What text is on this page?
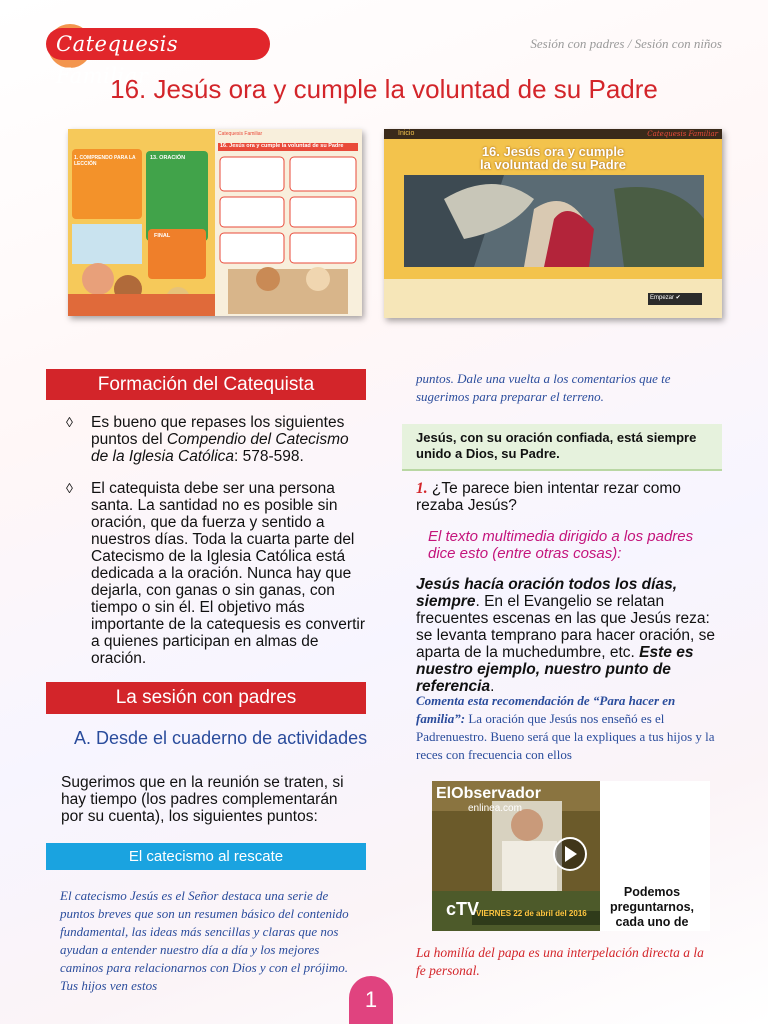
Catequesis Familiar
Sesión con padres / Sesión con niños
16. Jesús ora y cumple la voluntad de su Padre
Catequesis Familiar
16. Jesús ora y cumple la voluntad de su Padre
1. COMPRENDO PARA LA LECCIÓN
13. ORACIÓN
FINAL
Inicio	Catequesis Familiar
16. Jesús ora y cumple
la voluntad de su Padre
Empezar ✔
Formación del Catequista
◊ Es bueno que repases los siguientes puntos del Compendio del Catecismo de la Iglesia Católica: 578-598.
◊ El catequista debe ser una persona santa. La santidad no es posible sin oración, que da fuerza y sentido a nuestros días. Toda la cuarta parte del Catecismo de la Iglesia Católica está dedicada a la oración. Nunca hay que dejarla, con ganas o sin ganas, con tiempo o sin él. El objetivo más importante de la catequesis es convertir a quienes participan en almas de oración.
La sesión con padres
A. Desde el cuaderno de actividades
Sugerimos que en la reunión se traten, si hay tiempo (los padres complementarán por su cuenta), los siguientes puntos:
El catecismo al rescate
El catecismo Jesús es el Señor destaca una serie de puntos breves que son un resumen básico del contenido fundamental, las ideas más sencillas y claras que nos ayudan a entender nuestro día a día y los mejores caminos para relacionarnos con Dios y con el prójimo. Tus hijos ven estos
puntos. Dale una vuelta a los comentarios que te sugerimos para preparar el terreno.
Jesús, con su oración confiada, está siempre unido a Dios, su Padre.
1. ¿Te parece bien intentar rezar como rezaba Jesús?
El texto multimedia dirigido a los padres dice esto (entre otras cosas):
Jesús hacía oración todos los días, siempre. En el Evangelio se relatan frecuentes escenas en las que Jesús reza: se levanta temprano para hacer oración, se aparta de la muchedumbre, etc. Este es nuestro ejemplo, nuestro punto de referencia.
Comenta esta recomendación de “Para hacer en familia”: La oración que Jesús nos enseñó es el Padrenuestro. Bueno será que la expliques a tus hijos y la reces con frecuencia con ellos
ElObservador
enlinea.com
cTV
VIERNES 22 de abril del 2016
Podemos preguntarnos, cada uno de
La homilía del papa es una interpelación directa a la fe personal.
1
